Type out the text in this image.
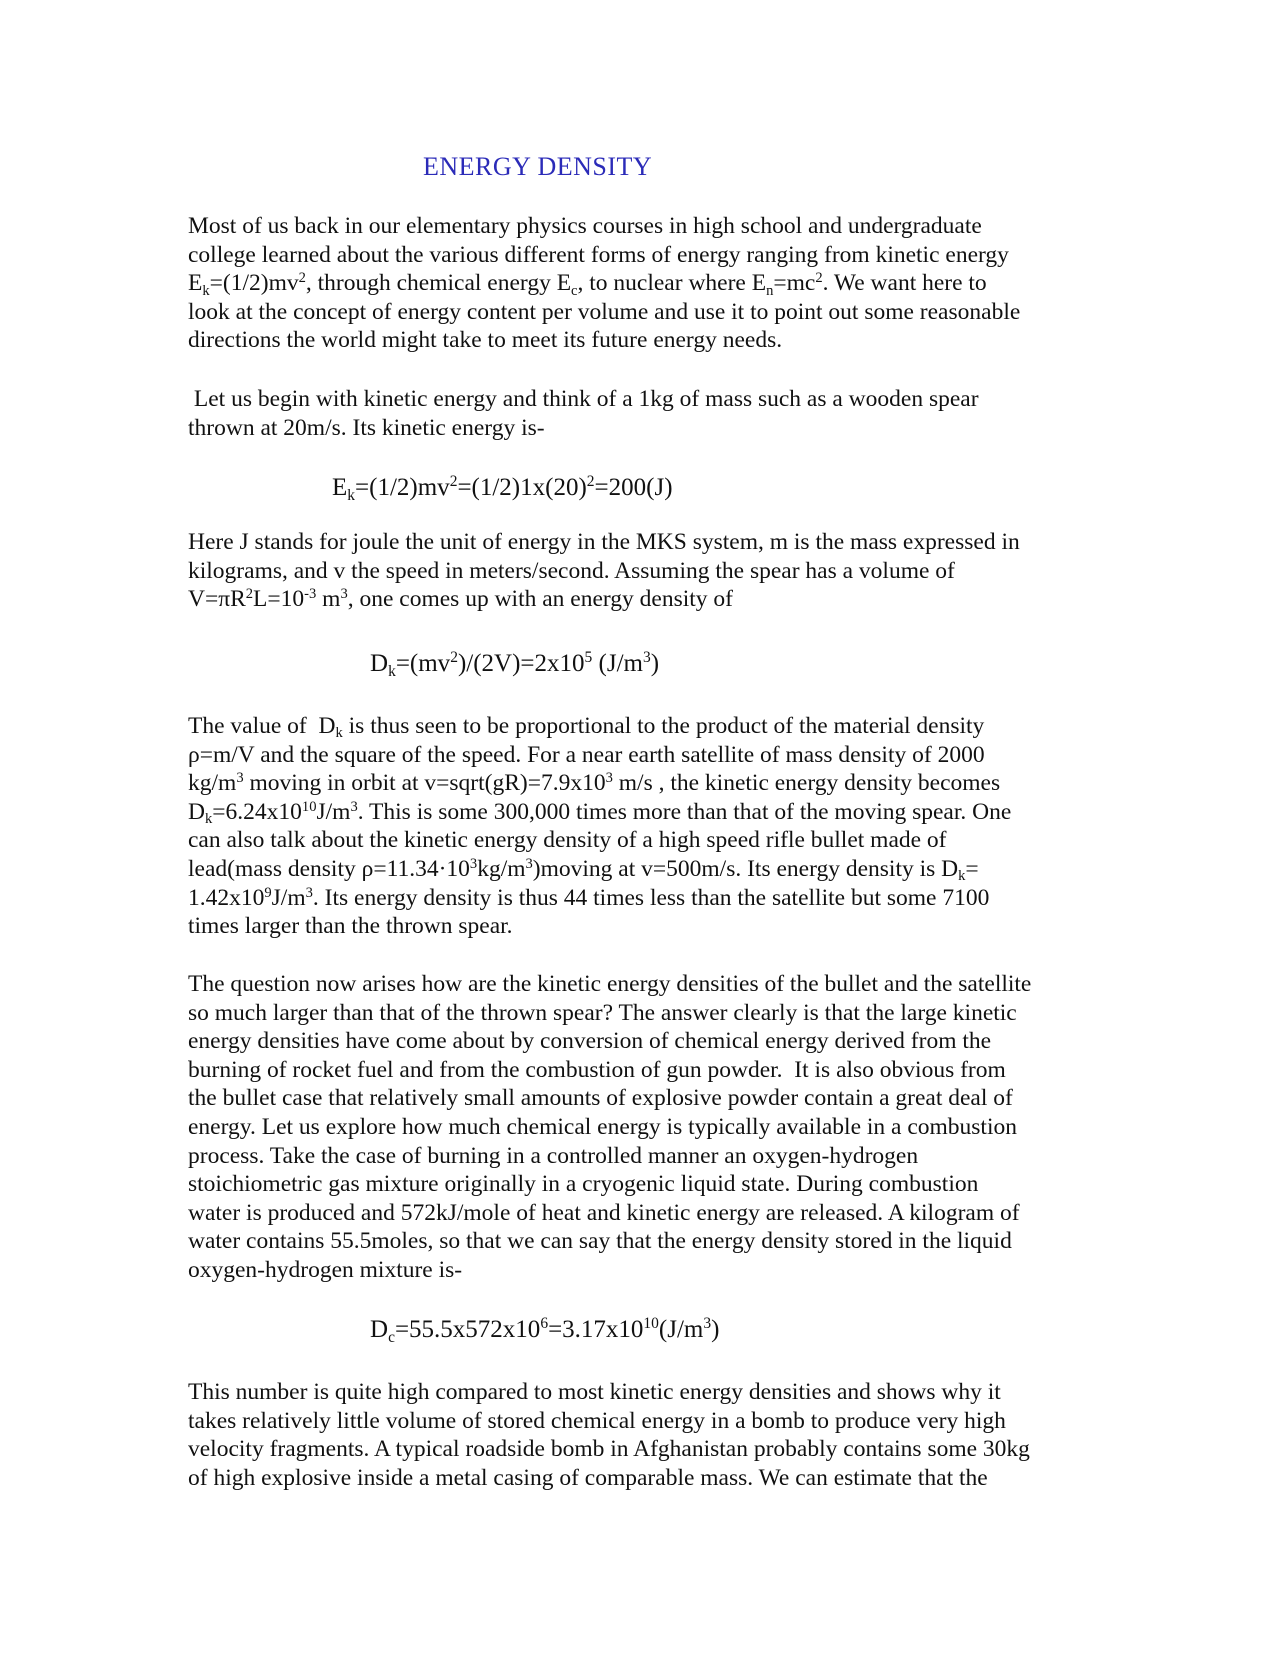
ENERGY DENSITY
Most of us back in our elementary physics courses in high school and undergraduate
college learned about the various different forms of energy ranging from kinetic energy
$E_k=(1/2)mv^2$, through chemical energy $E_c$, to nuclear where $E_n=mc^2$. We want here to
look at the concept of energy content per volume and use it to point out some reasonable
directions the world might take to meet its future energy needs.
Let us begin with kinetic energy and think of a 1kg of mass such as a wooden spear
thrown at 20m/s. Its kinetic energy is-
$E_k=(1/2)mv^2=(1/2)1x(20)^2=200(J)$
Here J stands for joule the unit of energy in the MKS system, m is the mass expressed in
kilograms, and v the speed in meters/second. Assuming the spear has a volume of
$V=\pi R^2L=10^{-3}$ $m^3$, one comes up with an energy density of
$D_k=(mv^2)/(2V)=2x10^5$ $(J/m^3)$
The value of  $D_k$ is thus seen to be proportional to the product of the material density
ρ=m/V and the square of the speed. For a near earth satellite of mass density of 2000
$kg/m^3$ moving in orbit at $v=sqrt(gR)=7.9x10^3$ m/s , the kinetic energy density becomes
$D_k=6.24x10^{10}J/m^3$. This is some 300,000 times more than that of the moving spear. One
can also talk about the kinetic energy density of a high speed rifle bullet made of
lead(mass density $\rho=11.34\cdot 10^3kg/m^3)moving$ at v=500m/s. Its energy density is $D_k=$
$1.42x10^9J/m^3$. Its energy density is thus 44 times less than the satellite but some 7100
times larger than the thrown spear.
The question now arises how are the kinetic energy densities of the bullet and the satellite
so much larger than that of the thrown spear? The answer clearly is that the large kinetic
energy densities have come about by conversion of chemical energy derived from the
burning of rocket fuel and from the combustion of gun powder.  It is also obvious from
the bullet case that relatively small amounts of explosive powder contain a great deal of
energy. Let us explore how much chemical energy is typically available in a combustion
process. Take the case of burning in a controlled manner an oxygen-hydrogen
stoichiometric gas mixture originally in a cryogenic liquid state. During combustion
water is produced and 572kJ/mole of heat and kinetic energy are released. A kilogram of
water contains 55.5moles, so that we can say that the energy density stored in the liquid
oxygen-hydrogen mixture is-
$D_c=55.5x572x10^6=3.17x10^{10}(J/m^3)$
This number is quite high compared to most kinetic energy densities and shows why it
takes relatively little volume of stored chemical energy in a bomb to produce very high
velocity fragments. A typical roadside bomb in Afghanistan probably contains some 30kg
of high explosive inside a metal casing of comparable mass. We can estimate that the
